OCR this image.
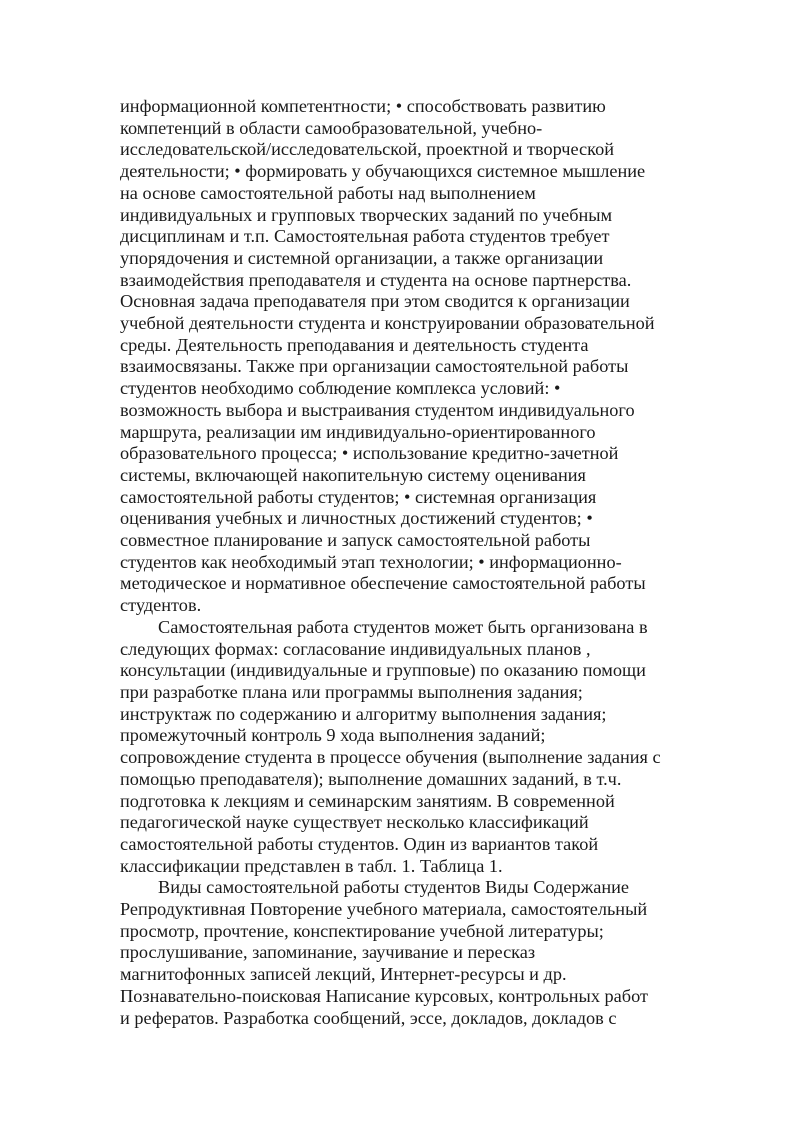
информационной компетентности; • способствовать развитию
компетенций в области самообразовательной, учебно-
исследовательской/исследовательской, проектной и творческой
деятельности; • формировать у обучающихся системное мышление
на основе самостоятельной работы над выполнением
индивидуальных и групповых творческих заданий по учебным
дисциплинам и т.п. Самостоятельная работа студентов требует
упорядочения и системной организации, а также организации
взаимодействия преподавателя и студента на основе партнерства.
Основная задача преподавателя при этом сводится к организации
учебной деятельности студента и конструировании образовательной
среды. Деятельность преподавания и деятельность студента
взаимосвязаны. Также при организации самостоятельной работы
студентов необходимо соблюдение комплекса условий: •
возможность выбора и выстраивания студентом индивидуального
маршрута, реализации им индивидуально-ориентированного
образовательного процесса; • использование кредитно-зачетной
системы, включающей накопительную систему оценивания
самостоятельной работы студентов; • системная организация
оценивания учебных и личностных достижений студентов; •
совместное планирование и запуск самостоятельной работы
студентов как необходимый этап технологии; • информационно-
методическое и нормативное обеспечение самостоятельной работы
студентов.

Самостоятельная работа студентов может быть организована в
следующих формах: согласование индивидуальных планов ,
консультации (индивидуальные и групповые) по оказанию помощи
при разработке плана или программы выполнения задания;
инструктаж по содержанию и алгоритму выполнения задания;
промежуточный контроль 9 хода выполнения заданий;
сопровождение студента в процессе обучения (выполнение задания с
помощью преподавателя); выполнение домашних заданий, в т.ч.
подготовка к лекциям и семинарским занятиям. В современной
педагогической науке существует несколько классификаций
самостоятельной работы студентов. Один из вариантов такой
классификации представлен в табл. 1. Таблица 1.

Виды самостоятельной работы студентов Виды Содержание
Репродуктивная Повторение учебного материала, самостоятельный
просмотр, прочтение, конспектирование учебной литературы;
прослушивание, запоминание, заучивание и пересказ
магнитофонных записей лекций, Интернет-ресурсы и др.
Познавательно-поисковая Написание курсовых, контрольных работ
и рефератов. Разработка сообщений, эссе, докладов, докладов с
